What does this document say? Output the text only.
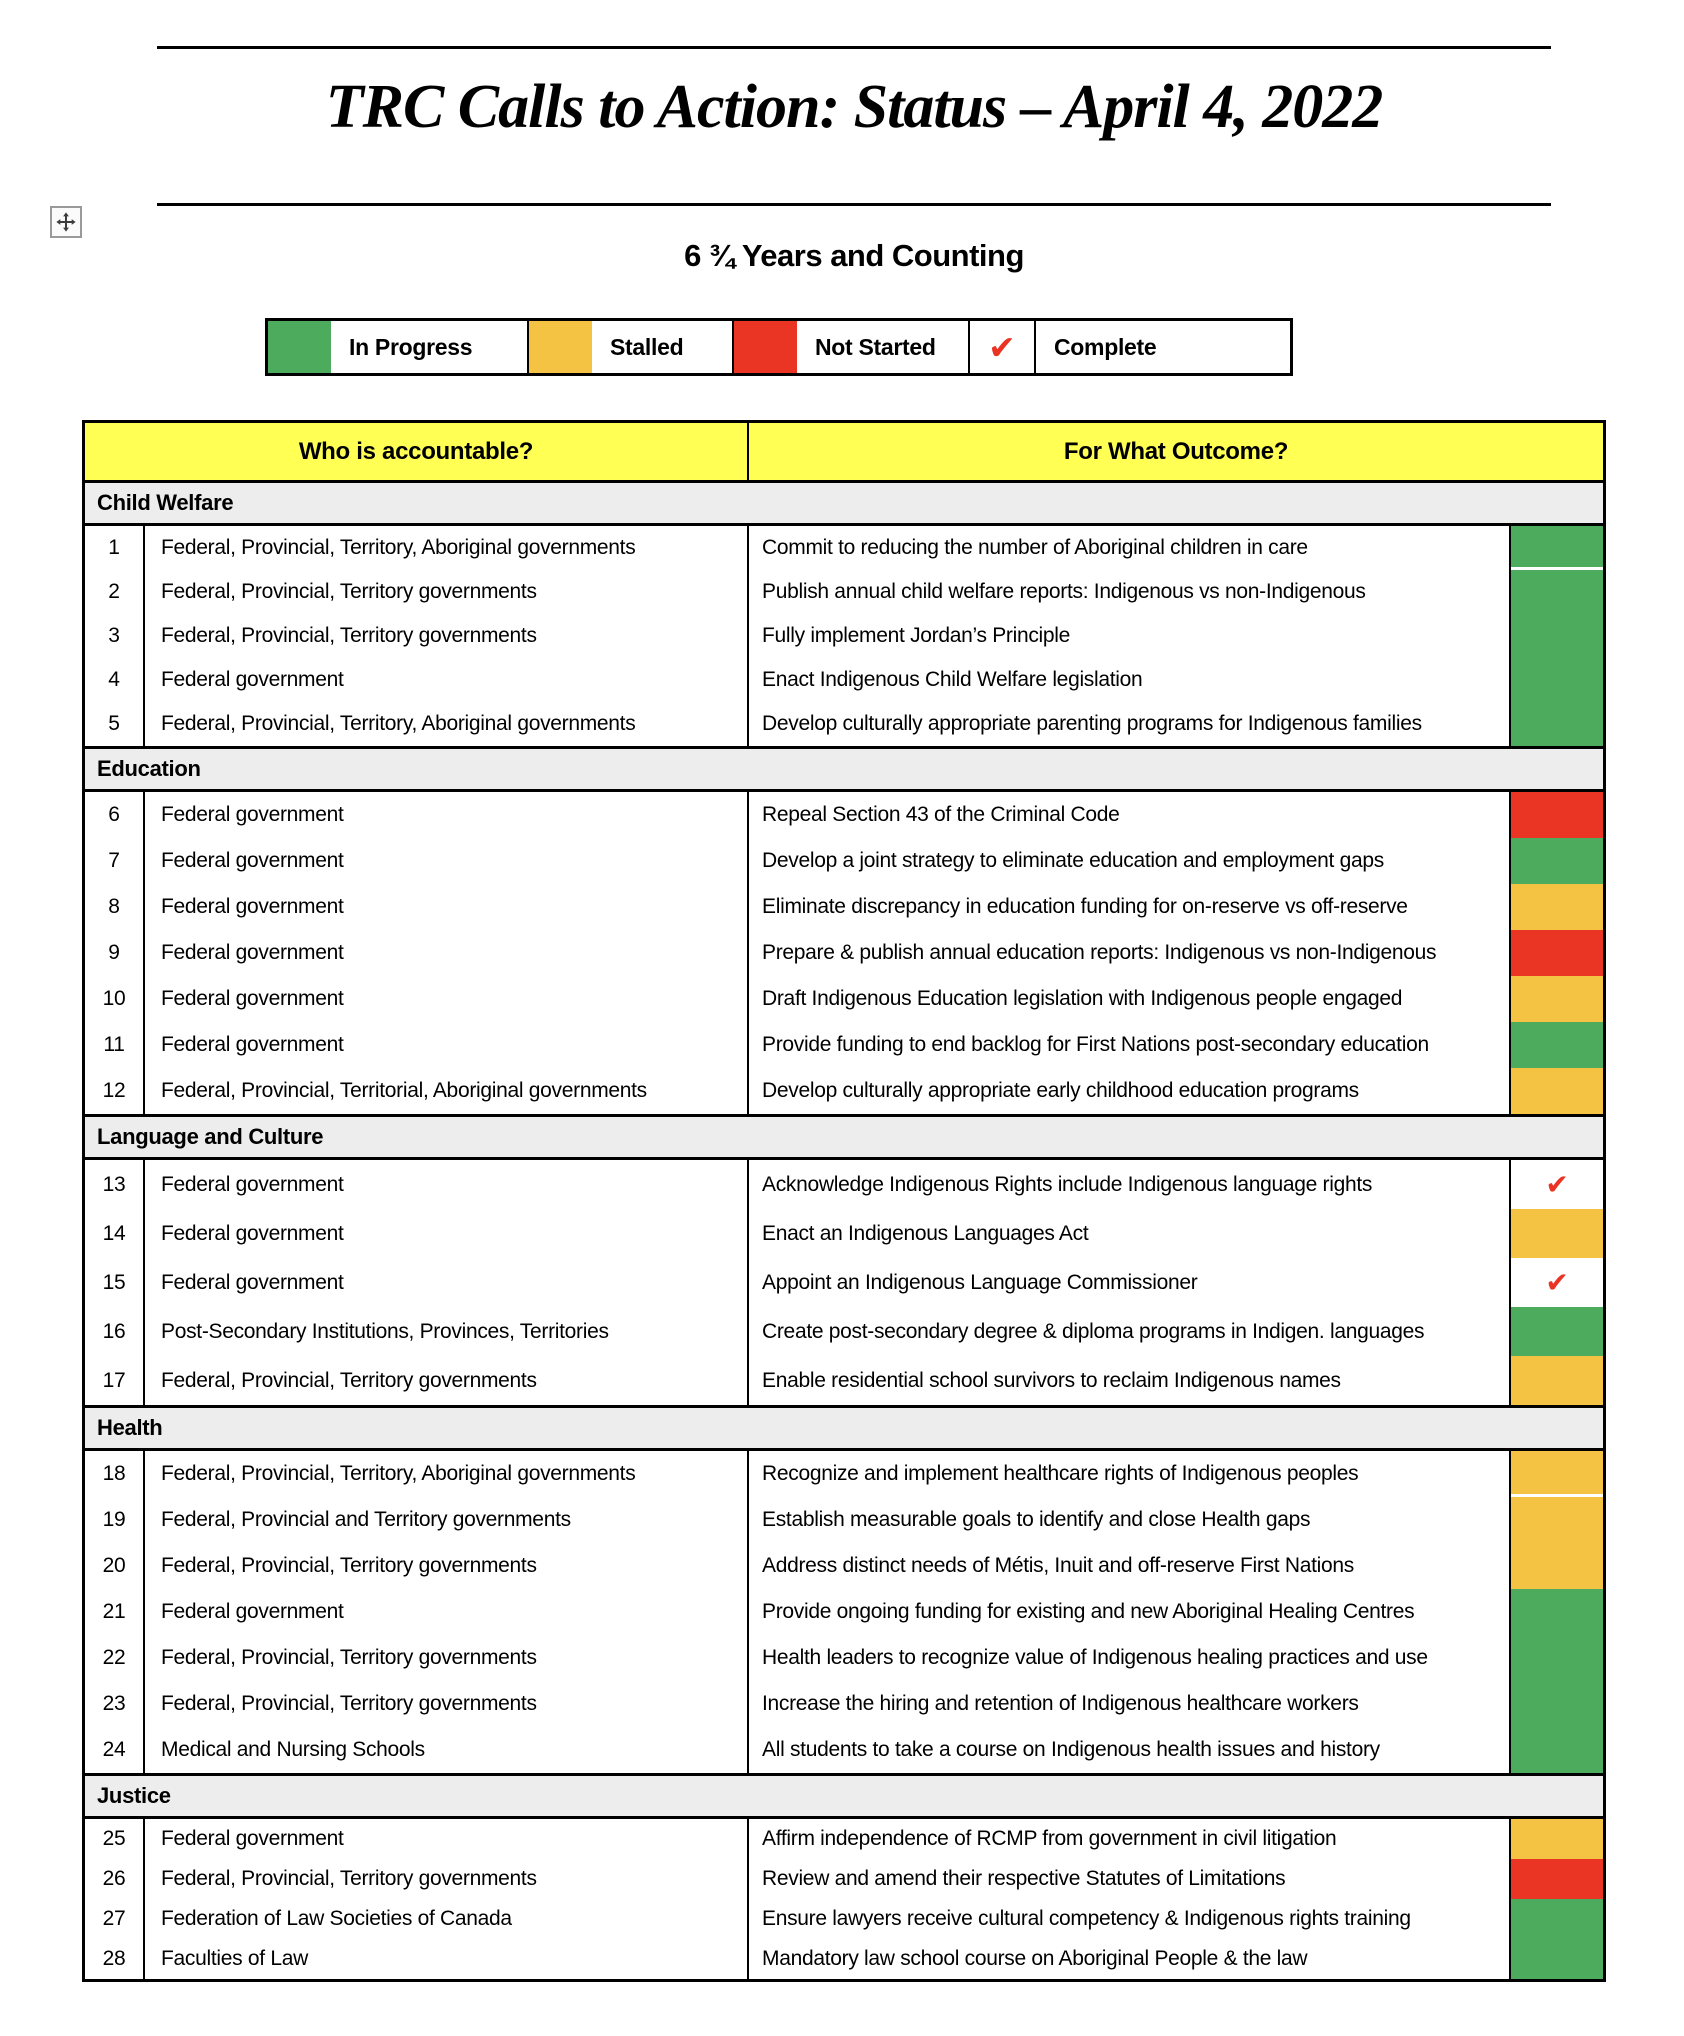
TRC Calls to Action: Status – April 4, 2022
6 ¾ Years and Counting
In Progress	Stalled	Not Started	✔	Complete
Who is accountable?	For What Outcome?
Child Welfare
1	Federal, Provincial, Territory, Aboriginal governments	Commit to reducing the number of Aboriginal children in care
2	Federal, Provincial, Territory governments	Publish annual child welfare reports: Indigenous vs non-Indigenous
3	Federal, Provincial, Territory governments	Fully implement Jordan’s Principle
4	Federal government	Enact Indigenous Child Welfare legislation
5	Federal, Provincial, Territory, Aboriginal governments	Develop culturally appropriate parenting programs for Indigenous families
Education
6	Federal government	Repeal Section 43 of the Criminal Code
7	Federal government	Develop a joint strategy to eliminate education and employment gaps
8	Federal government	Eliminate discrepancy in education funding for on-reserve vs off-reserve
9	Federal government	Prepare & publish annual education reports: Indigenous vs non-Indigenous
10	Federal government	Draft Indigenous Education legislation with Indigenous people engaged
11	Federal government	Provide funding to end backlog for First Nations post-secondary education
12	Federal, Provincial, Territorial, Aboriginal governments	Develop culturally appropriate early childhood education programs
Language and Culture
13	Federal government	Acknowledge Indigenous Rights include Indigenous language rights	✔
14	Federal government	Enact an Indigenous Languages Act
15	Federal government	Appoint an Indigenous Language Commissioner	✔
16	Post-Secondary Institutions, Provinces, Territories	Create post-secondary degree & diploma programs in Indigen. languages
17	Federal, Provincial, Territory governments	Enable residential school survivors to reclaim Indigenous names
Health
18	Federal, Provincial, Territory, Aboriginal governments	Recognize and implement healthcare rights of Indigenous peoples
19	Federal, Provincial and Territory governments	Establish measurable goals to identify and close Health gaps
20	Federal, Provincial, Territory governments	Address distinct needs of Métis, Inuit and off-reserve First Nations
21	Federal government	Provide ongoing funding for existing and new Aboriginal Healing Centres
22	Federal, Provincial, Territory governments	Health leaders to recognize value of Indigenous healing practices and use
23	Federal, Provincial, Territory governments	Increase the hiring and retention of Indigenous healthcare workers
24	Medical and Nursing Schools	All students to take a course on Indigenous health issues and history
Justice
25	Federal government	Affirm independence of RCMP from government in civil litigation
26	Federal, Provincial, Territory governments	Review and amend their respective Statutes of Limitations
27	Federation of Law Societies of Canada	Ensure lawyers receive cultural competency & Indigenous rights training
28	Faculties of Law	Mandatory law school course on Aboriginal People & the law
